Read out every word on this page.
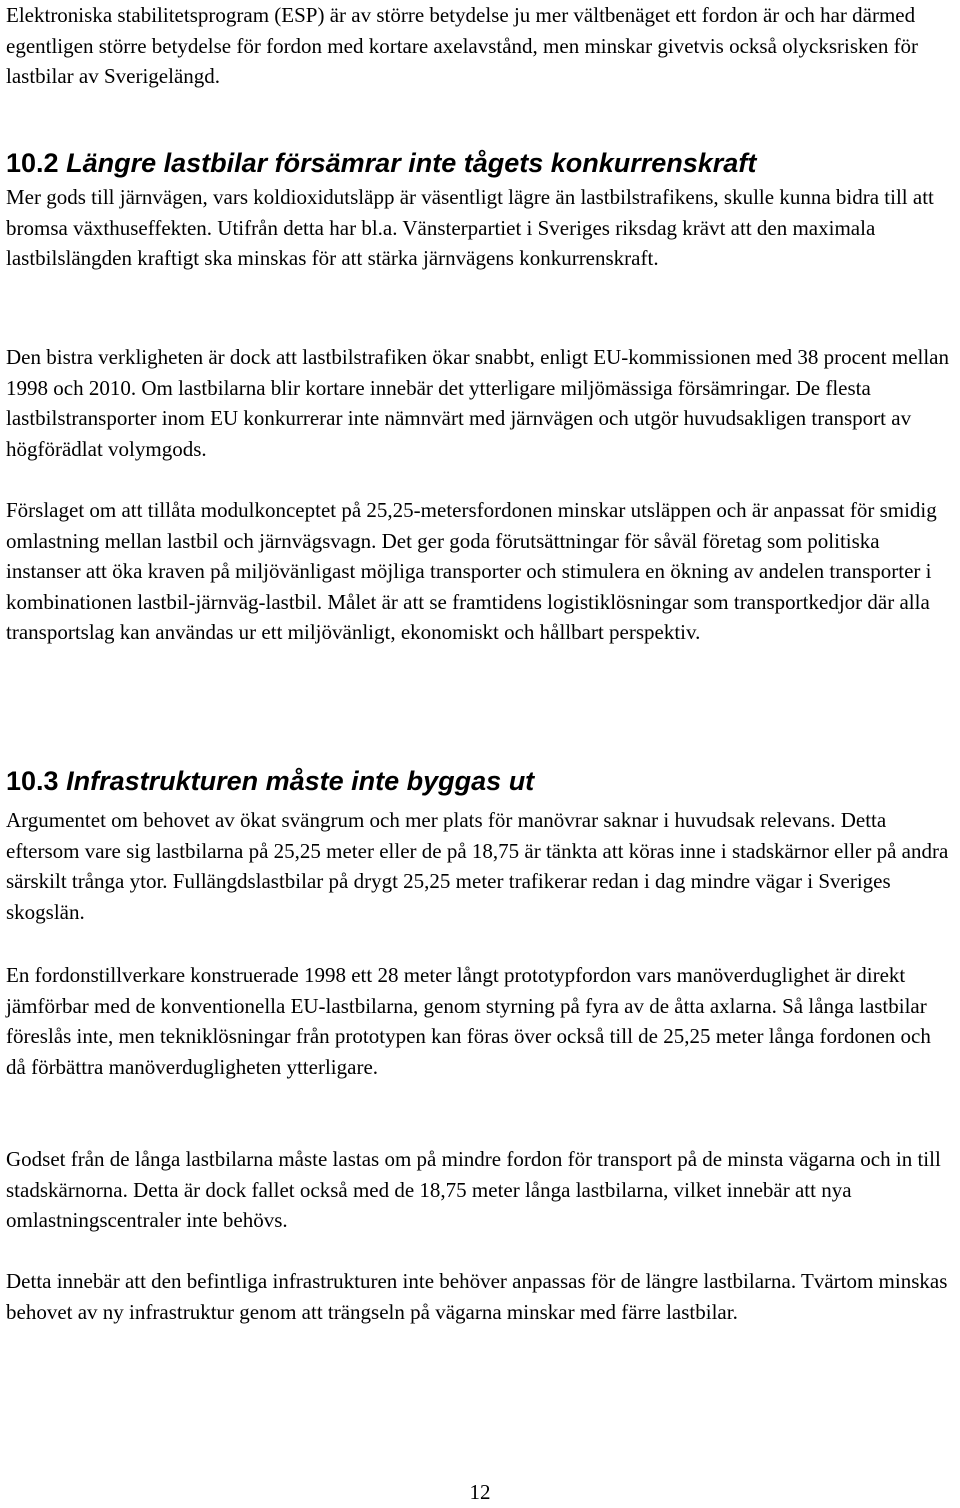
Elektroniska stabilitetsprogram (ESP) är av större betydelse ju mer vältbenäget ett fordon är och har därmed egentligen större betydelse för fordon med kortare axelavstånd, men minskar givetvis också olycksrisken för lastbilar av Sverigelängd.

10.2 Längre lastbilar försämrar inte tågets konkurrenskraft

Mer gods till järnvägen, vars koldioxidutsläpp är väsentligt lägre än lastbilstrafikens, skulle kunna bidra till att bromsa växthuseffekten. Utifrån detta har bl.a. Vänsterpartiet i Sveriges riksdag krävt att den maximala lastbilslängden kraftigt ska minskas för att stärka järnvägens konkurrenskraft.

Den bistra verkligheten är dock att lastbilstrafiken ökar snabbt, enligt EU-kommissionen med 38 procent mellan 1998 och 2010. Om lastbilarna blir kortare innebär det ytterligare miljömässiga försämringar. De flesta lastbilstransporter inom EU konkurrerar inte nämnvärt med järnvägen och utgör huvudsakligen transport av högförädlat volymgods.

Förslaget om att tillåta modulkonceptet på 25,25-metersfordonen minskar utsläppen och är anpassat för smidig omlastning mellan lastbil och järnvägsvagn. Det ger goda förutsättningar för såväl företag som politiska instanser att öka kraven på miljövänligast möjliga transporter och stimulera en ökning av andelen transporter i kombinationen lastbil-järnväg-lastbil. Målet är att se framtidens logistiklösningar som transportkedjor där alla transportslag kan användas ur ett miljövänligt, ekonomiskt och hållbart perspektiv.

10.3 Infrastrukturen måste inte byggas ut

Argumentet om behovet av ökat svängrum och mer plats för manövrar saknar i huvudsak relevans. Detta eftersom vare sig lastbilarna på 25,25 meter eller de på 18,75 är tänkta att köras inne i stadskärnor eller på andra särskilt trånga ytor. Fullängdslastbilar på drygt 25,25 meter trafikerar redan i dag mindre vägar i Sveriges skogslän.

En fordonstillverkare konstruerade 1998 ett 28 meter långt prototypfordon vars manöverduglighet är direkt jämförbar med de konventionella EU-lastbilarna, genom styrning på fyra av de åtta axlarna. Så långa lastbilar föreslås inte, men tekniklösningar från prototypen kan föras över också till de 25,25 meter långa fordonen och då förbättra manöverdugligheten ytterligare.

Godset från de långa lastbilarna måste lastas om på mindre fordon för transport på de minsta vägarna och in till stadskärnorna. Detta är dock fallet också med de 18,75 meter långa lastbilarna, vilket innebär att nya omlastningscentraler inte behövs.

Detta innebär att den befintliga infrastrukturen inte behöver anpassas för de längre lastbilarna. Tvärtom minskas behovet av ny infrastruktur genom att trängseln på vägarna minskar med färre lastbilar.

12
